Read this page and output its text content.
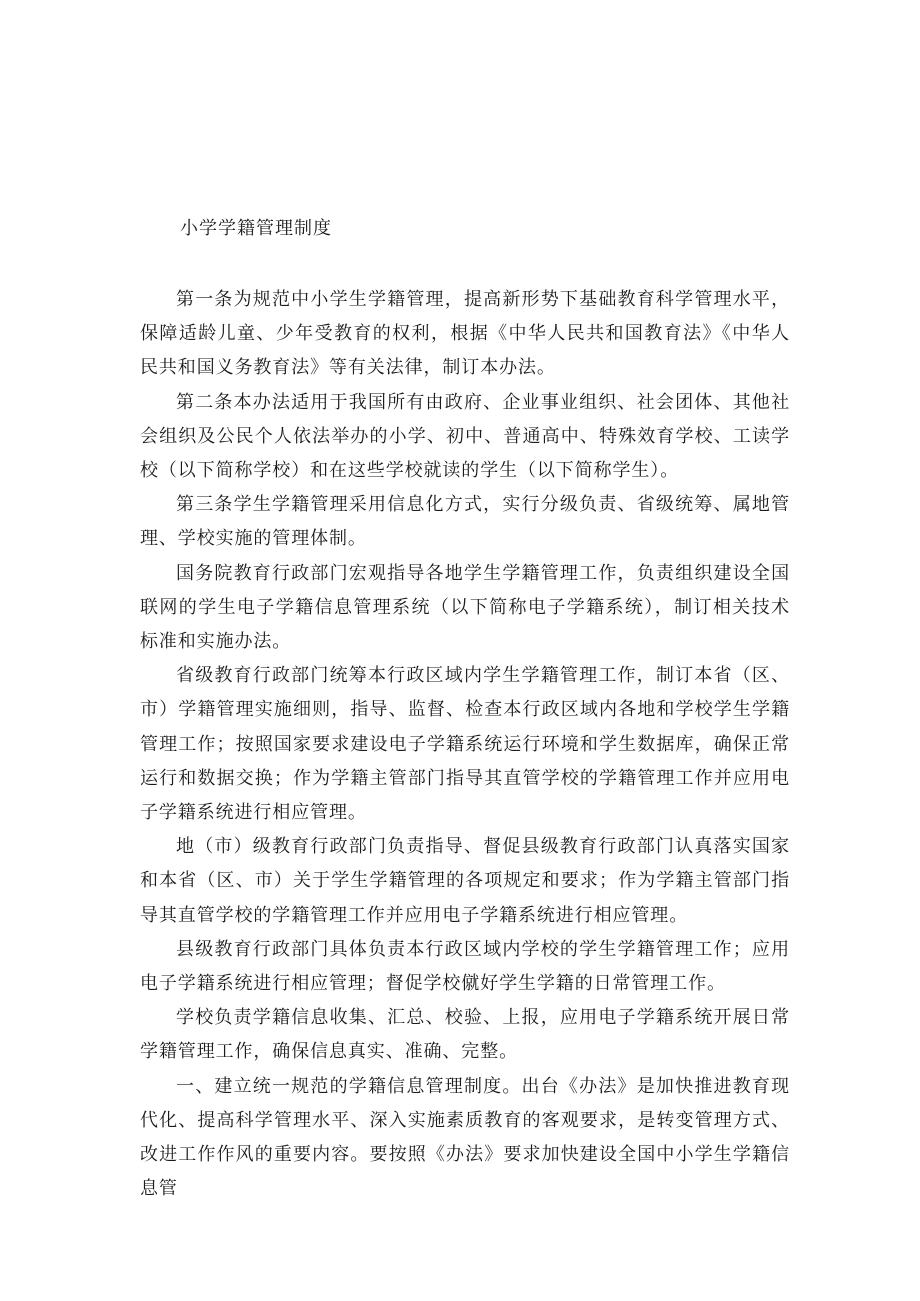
小学学籍管理制度

第一条为规范中小学生学籍管理，提高新形势下基础教育科学管理水平，保障适龄儿童、少年受教育的权利，根据《中华人民共和国教育法》《中华人民共和国义务教育法》等有关法律，制订本办法。

第二条本办法适用于我国所有由政府、企业事业组织、社会团体、其他社会组织及公民个人依法举办的小学、初中、普通高中、特殊效育学校、工读学校（以下简称学校）和在这些学校就读的学生（以下简称学生）。

第三条学生学籍管理采用信息化方式，实行分级负责、省级统筹、属地管理、学校实施的管理体制。

国务院教育行政部门宏观指导各地学生学籍管理工作，负责组织建设全国联网的学生电子学籍信息管理系统（以下简称电子学籍系统），制订相关技术标准和实施办法。

省级教育行政部门统筹本行政区域内学生学籍管理工作，制订本省（区、市）学籍管理实施细则，指导、监督、检查本行政区域内各地和学校学生学籍管理工作；按照国家要求建设电子学籍系统运行环境和学生数据库，确保正常运行和数据交换；作为学籍主管部门指导其直管学校的学籍管理工作并应用电子学籍系统进行相应管理。

地（市）级教育行政部门负责指导、督促县级教育行政部门认真落实国家和本省（区、市）关于学生学籍管理的各项规定和要求；作为学籍主管部门指导其直管学校的学籍管理工作并应用电子学籍系统进行相应管理。

县级教育行政部门具体负责本行政区域内学校的学生学籍管理工作；应用电子学籍系统进行相应管理；督促学校僦好学生学籍的日常管理工作。

学校负责学籍信息收集、汇总、校验、上报，应用电子学籍系统开展日常学籍管理工作，确保信息真实、准确、完整。

一、建立统一规范的学籍信息管理制度。出台《办法》是加快推进教育现代化、提高科学管理水平、深入实施素质教育的客观要求，是转变管理方式、改进工作作风的重要内容。要按照《办法》要求加快建设全国中小学生学籍信息管
